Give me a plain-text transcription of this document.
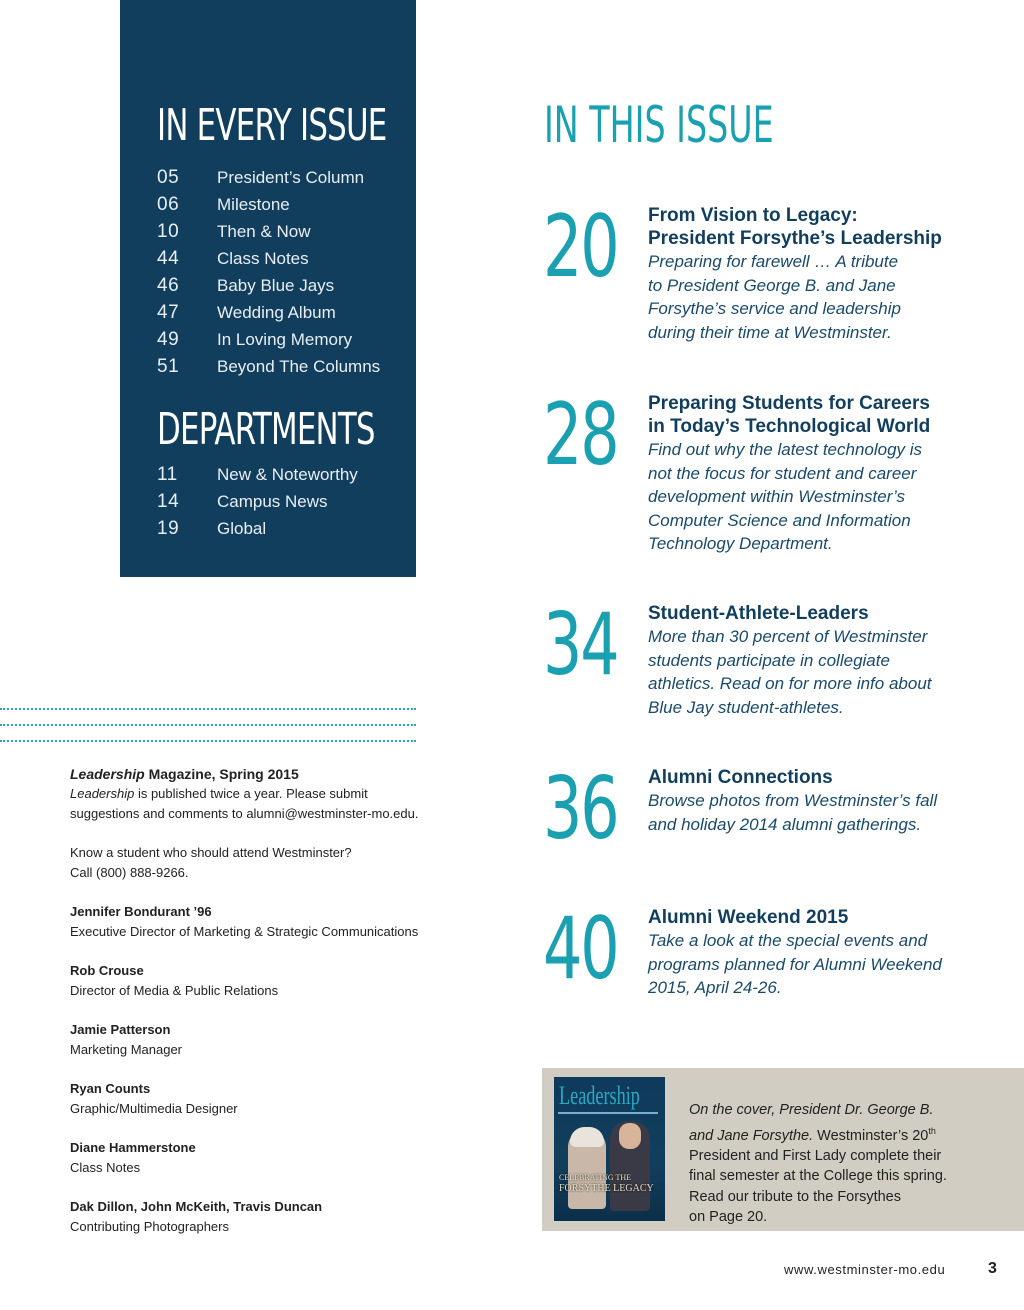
IN EVERY ISSUE
05	President’s Column
06	Milestone
10	Then & Now
44	Class Notes
46	Baby Blue Jays
47	Wedding Album
49	In Loving Memory
51	Beyond The Columns
DEPARTMENTS
11	New & Noteworthy
14	Campus News
19	Global
Leadership Magazine, Spring 2015
Leadership is published twice a year. Please submit
suggestions and comments to alumni@westminster-mo.edu.
Know a student who should attend Westminster?
Call (800) 888-9266.
Jennifer Bondurant ’96
Executive Director of Marketing & Strategic Communications
Rob Crouse
Director of Media & Public Relations
Jamie Patterson
Marketing Manager
Ryan Counts
Graphic/Multimedia Designer
Diane Hammerstone
Class Notes
Dak Dillon, John McKeith, Travis Duncan
Contributing Photographers
IN THIS ISSUE
20 From Vision to Legacy:
President Forsythe’s Leadership
Preparing for farewell … A tribute
to President George B. and Jane
Forsythe’s service and leadership
during their time at Westminster.
28 Preparing Students for Careers
in Today’s Technological World
Find out why the latest technology is
not the focus for student and career
development within Westminster’s
Computer Science and Information
Technology Department.
34 Student-Athlete-Leaders
More than 30 percent of Westminster
students participate in collegiate
athletics. Read on for more info about
Blue Jay student-athletes.
36 Alumni Connections
Browse photos from Westminster’s fall
and holiday 2014 alumni gatherings.
40 Alumni Weekend 2015
Take a look at the special events and
programs planned for Alumni Weekend
2015, April 24-26.
Leadership
CELEBRATING THE
FORSYTHE LEGACY
On the cover, President Dr. George B.
and Jane Forsythe. Westminster’s 20th
President and First Lady complete their
final semester at the College this spring.
Read our tribute to the Forsythes
on Page 20.
www.westminster-mo.edu	3
